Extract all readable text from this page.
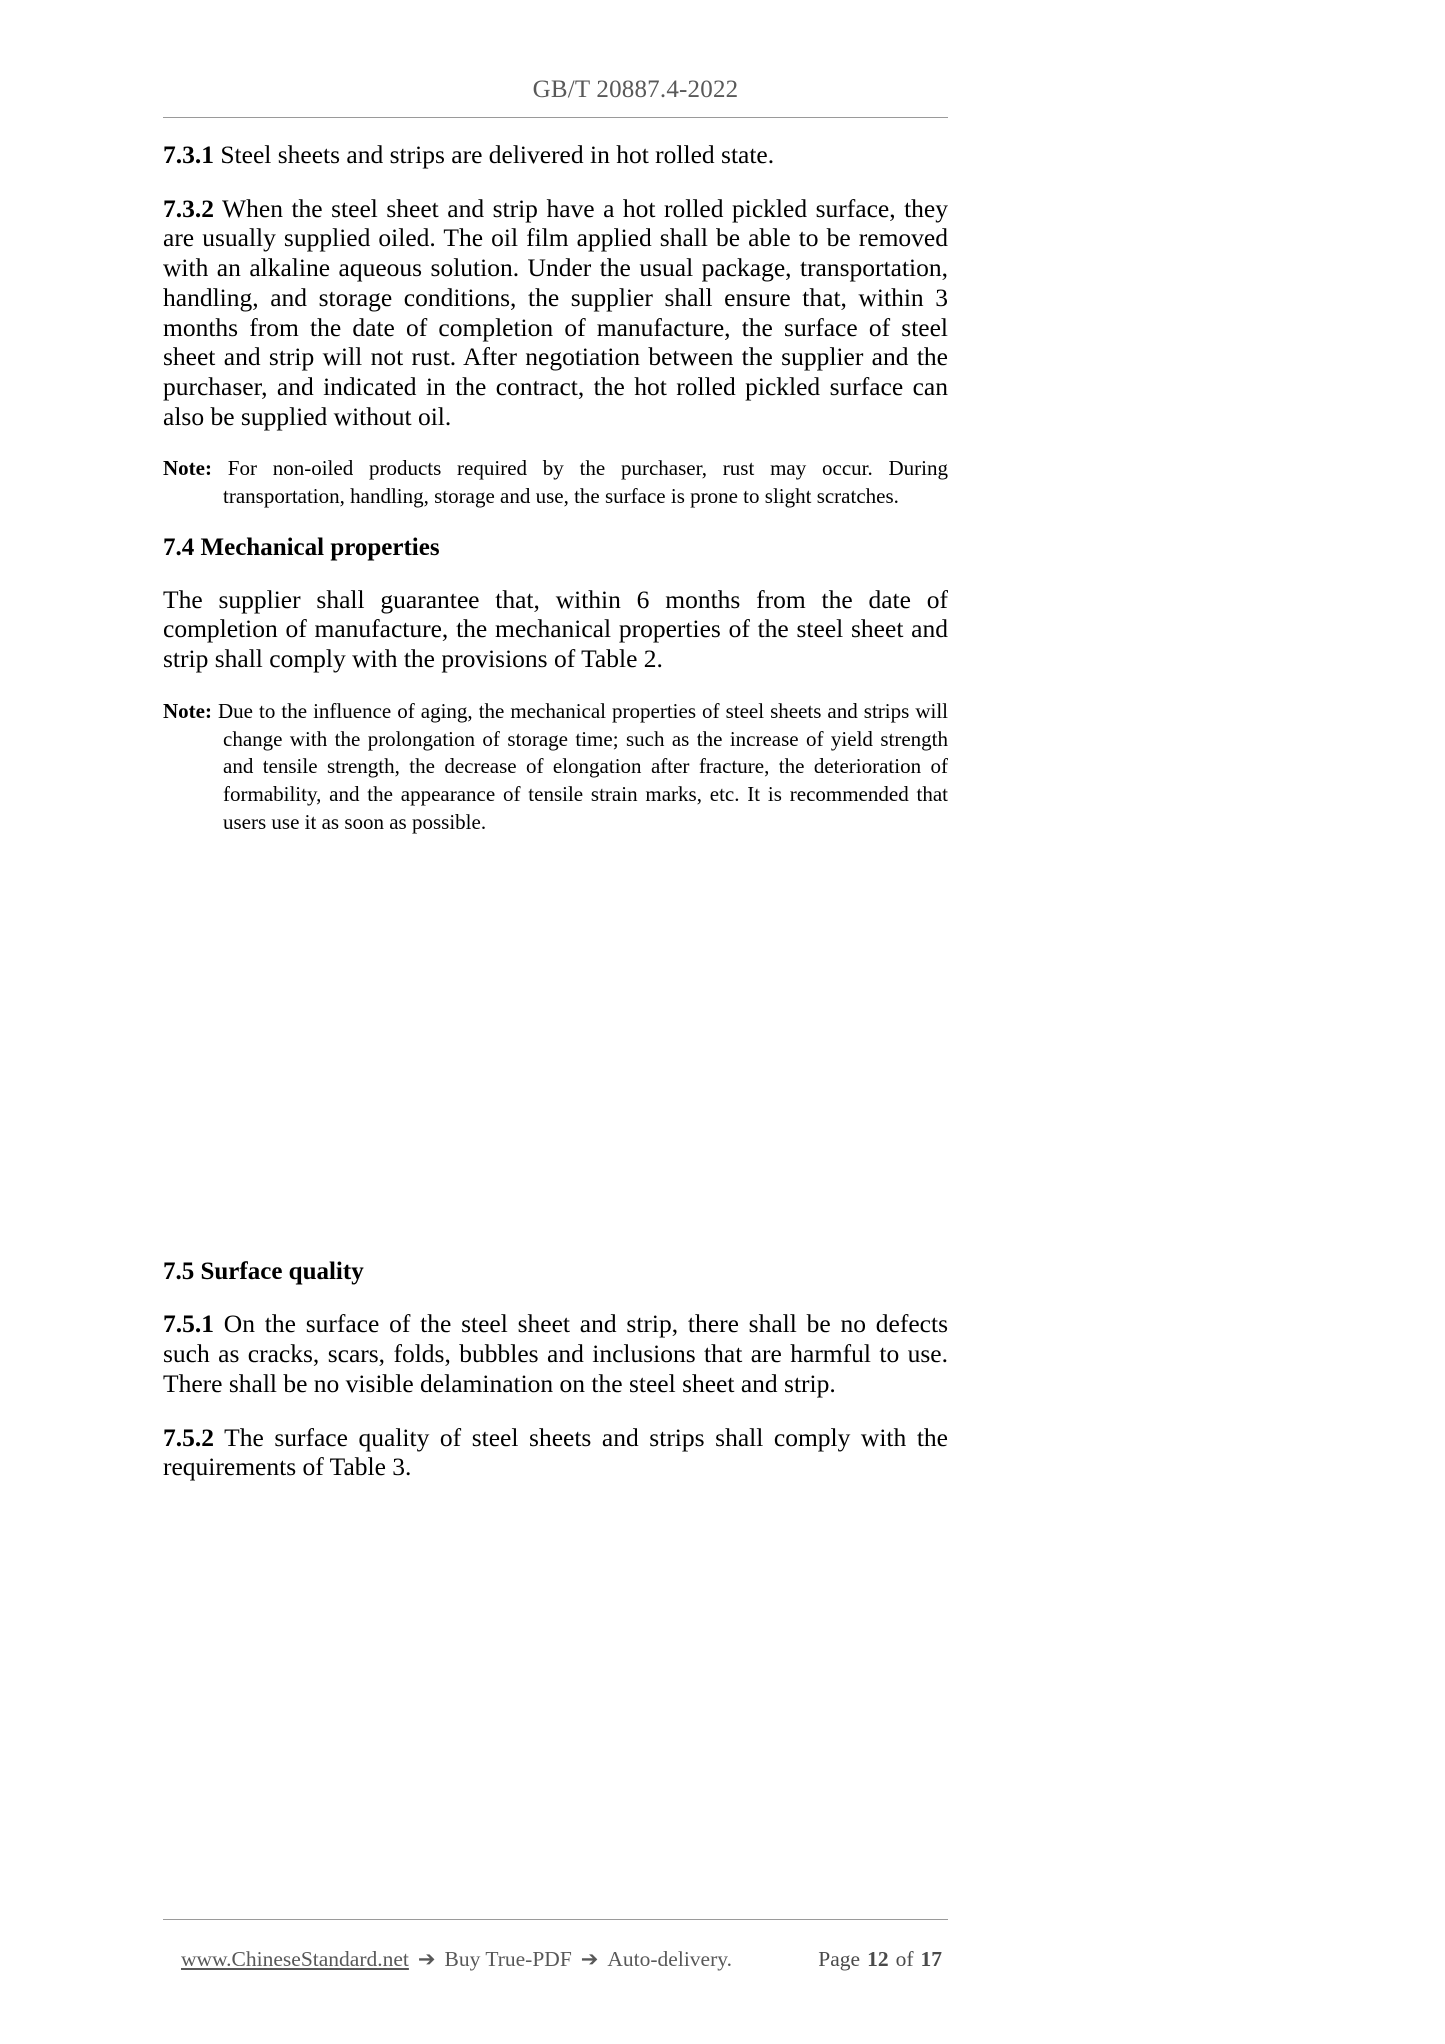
GB/T 20887.4-2022

7.3.1 Steel sheets and strips are delivered in hot rolled state.

7.3.2 When the steel sheet and strip have a hot rolled pickled surface, they are usually supplied oiled. The oil film applied shall be able to be removed with an alkaline aqueous solution. Under the usual package, transportation, handling, and storage conditions, the supplier shall ensure that, within 3 months from the date of completion of manufacture, the surface of steel sheet and strip will not rust. After negotiation between the supplier and the purchaser, and indicated in the contract, the hot rolled pickled surface can also be supplied without oil.

Note: For non-oiled products required by the purchaser, rust may occur. During transportation, handling, storage and use, the surface is prone to slight scratches.

7.4 Mechanical properties

The supplier shall guarantee that, within 6 months from the date of completion of manufacture, the mechanical properties of the steel sheet and strip shall comply with the provisions of Table 2.

Note: Due to the influence of aging, the mechanical properties of steel sheets and strips will change with the prolongation of storage time; such as the increase of yield strength and tensile strength, the decrease of elongation after fracture, the deterioration of formability, and the appearance of tensile strain marks, etc. It is recommended that users use it as soon as possible.

7.5 Surface quality

7.5.1 On the surface of the steel sheet and strip, there shall be no defects such as cracks, scars, folds, bubbles and inclusions that are harmful to use. There shall be no visible delamination on the steel sheet and strip.

7.5.2 The surface quality of steel sheets and strips shall comply with the requirements of Table 3.

www.ChineseStandard.net ➔ Buy True-PDF ➔ Auto-delivery.	Page 12 of 17
